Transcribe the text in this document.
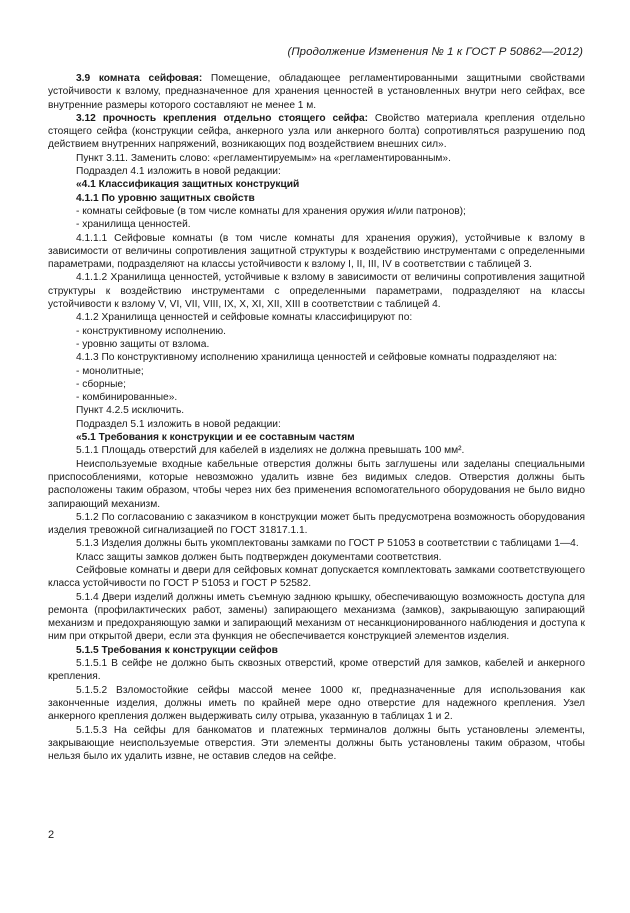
(Продолжение Изменения № 1 к ГОСТ Р 50862—2012)

3.9 комната сейфовая: Помещение, обладающее регламентированными защитными свойствами устойчивости к взлому, предназначенное для хранения ценностей в установленных внутри него сейфах, все внутренние размеры которого составляют не менее 1 м.

3.12 прочность крепления отдельно стоящего сейфа: Свойство материала крепления отдельно стоящего сейфа (конструкции сейфа, анкерного узла или анкерного болта) сопротивляться разрушению под действием внутренних напряжений, возникающих под воздействием внешних сил».

Пункт 3.11. Заменить слово: «регламентируемым» на «регламентированным».

Подраздел 4.1 изложить в новой редакции:

«4.1 Классификация защитных конструкций

4.1.1 По уровню защитных свойств

- комнаты сейфовые (в том числе комнаты для хранения оружия и/или патронов);

- хранилища ценностей.

4.1.1.1 Сейфовые комнаты (в том числе комнаты для хранения оружия), устойчивые к взлому в зависимости от величины сопротивления защитной структуры к воздействию инструментами с определенными параметрами, подразделяют на классы устойчивости к взлому I, II, III, IV в соответствии с таблицей 3.

4.1.1.2 Хранилища ценностей, устойчивые к взлому в зависимости от величины сопротивления защитной структуры к воздействию инструментами с определенными параметрами, подразделяют на классы устойчивости к взлому V, VI, VII, VIII, IX, X, XI, XII, XIII в соответствии с таблицей 4.

4.1.2 Хранилища ценностей и сейфовые комнаты классифицируют по:

- конструктивному исполнению.

- уровню защиты от взлома.

4.1.3 По конструктивному исполнению хранилища ценностей и сейфовые комнаты подразделяют на:

- монолитные;

- сборные;

- комбинированные».

Пункт 4.2.5 исключить.

Подраздел 5.1 изложить в новой редакции:

«5.1 Требования к конструкции и ее составным частям

5.1.1 Площадь отверстий для кабелей в изделиях не должна превышать 100 мм².

Неиспользуемые входные кабельные отверстия должны быть заглушены или заделаны специальными приспособлениями, которые невозможно удалить извне без видимых следов. Отверстия должны быть расположены таким образом, чтобы через них без применения вспомогательного оборудования не было видно запирающий механизм.

5.1.2 По согласованию с заказчиком в конструкции может быть предусмотрена возможность оборудования изделия тревожной сигнализацией по ГОСТ 31817.1.1.

5.1.3 Изделия должны быть укомплектованы замками по ГОСТ Р 51053 в соответствии с таблицами 1—4.

Класс защиты замков должен быть подтвержден документами соответствия.

Сейфовые комнаты и двери для сейфовых комнат допускается комплектовать замками соответствующего класса устойчивости по ГОСТ Р 51053 и ГОСТ Р 52582.

5.1.4 Двери изделий должны иметь съемную заднюю крышку, обеспечивающую возможность доступа для ремонта (профилактических работ, замены) запирающего механизма (замков), закрывающую запирающий механизм и предохраняющую замки и запирающий механизм от несанкционированного наблюдения и доступа к ним при открытой двери, если эта функция не обеспечивается конструкцией элементов изделия.

5.1.5 Требования к конструкции сейфов

5.1.5.1 В сейфе не должно быть сквозных отверстий, кроме отверстий для замков, кабелей и анкерного крепления.

5.1.5.2 Взломостойкие сейфы массой менее 1000 кг, предназначенные для использования как законченные изделия, должны иметь по крайней мере одно отверстие для надежного крепления. Узел анкерного крепления должен выдерживать силу отрыва, указанную в таблицах 1 и 2.

5.1.5.3 На сейфы для банкоматов и платежных терминалов должны быть установлены элементы, закрывающие неиспользуемые отверстия. Эти элементы должны быть установлены таким образом, чтобы нельзя было их удалить извне, не оставив следов на сейфе.

2
